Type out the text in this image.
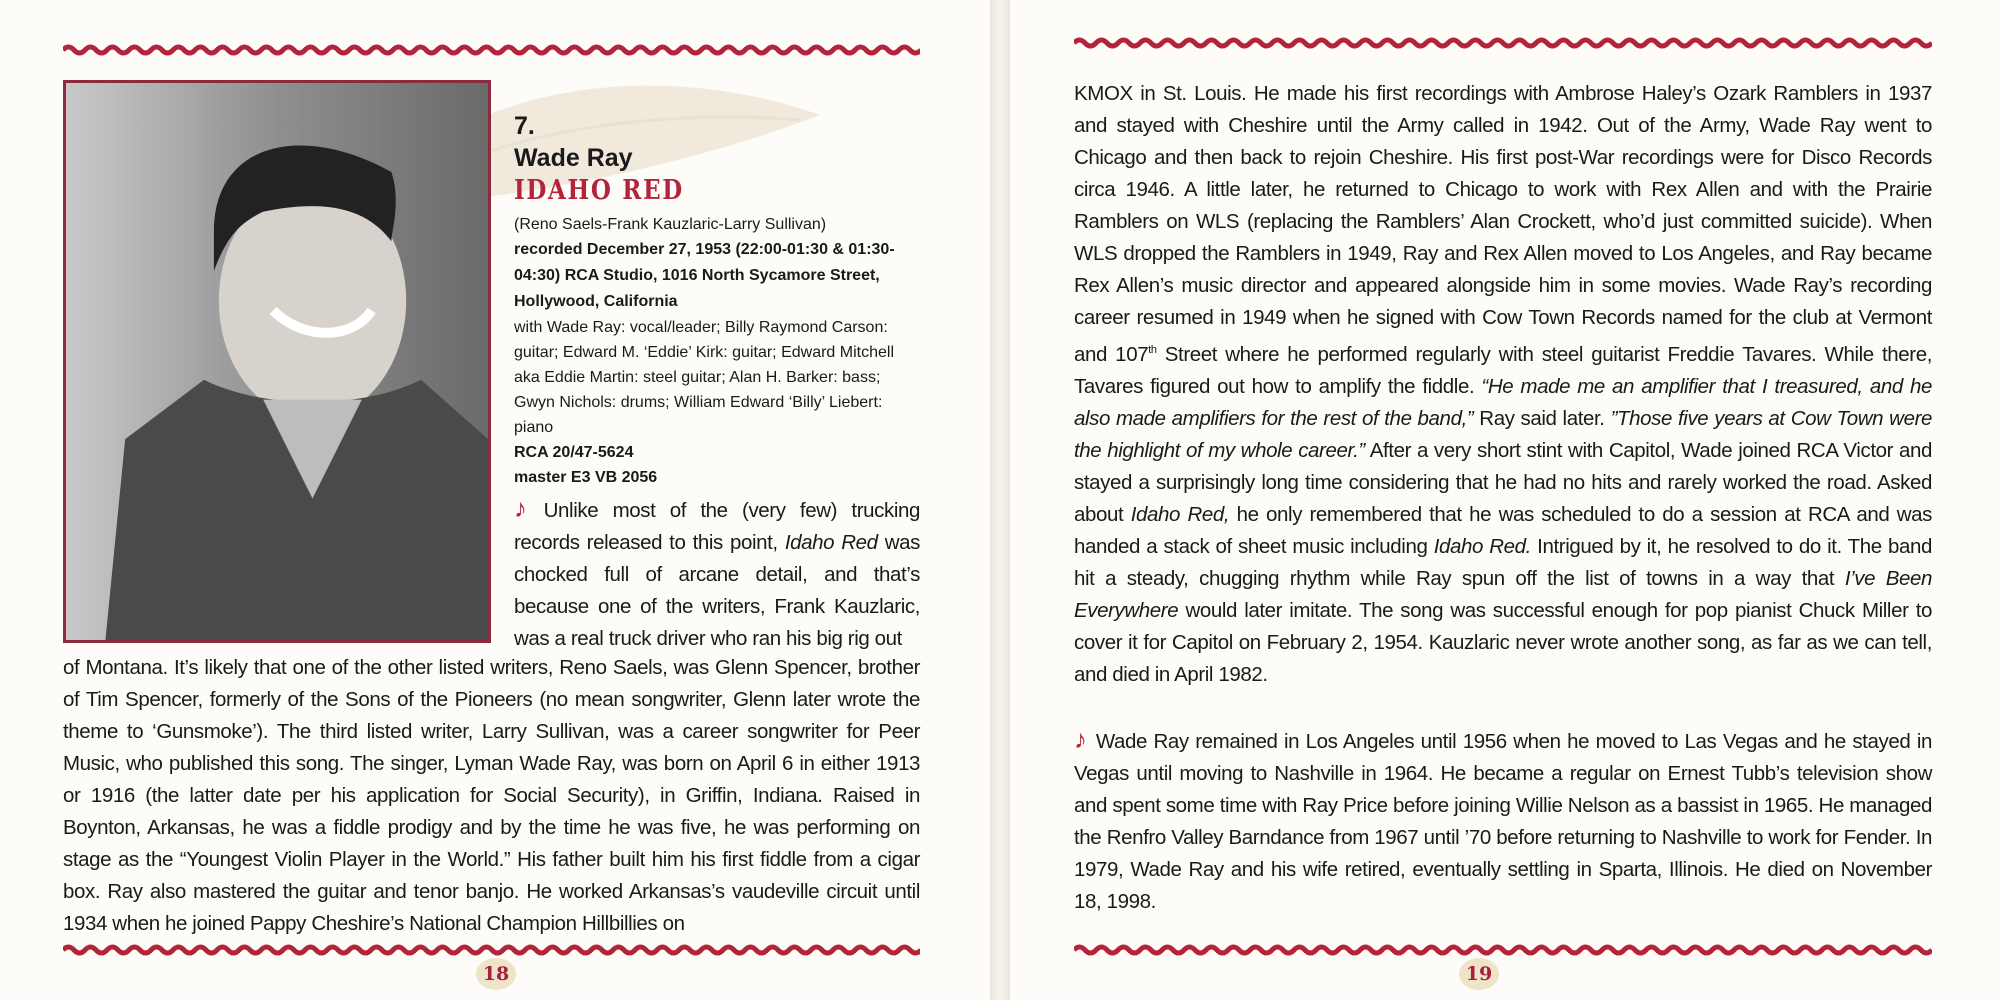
7.
Wade Ray
IDAHO RED
(Reno Saels-Frank Kauzlaric-Larry Sullivan)
recorded December 27, 1953 (22:00-01:30 & 01:30-04:30) RCA Studio, 1016 North Sycamore Street, Hollywood, California
with Wade Ray: vocal/leader; Billy Raymond Carson: guitar; Edward M. ‘Eddie’ Kirk: guitar; Edward Mitchell aka Eddie Martin: steel guitar; Alan H. Barker: bass; Gwyn Nichols: drums; William Edward ‘Billy’ Liebert: piano
RCA 20/47-5624
master E3 VB 2056
♪ Unlike most of the (very few) trucking records released to this point, Idaho Red was chocked full of arcane detail, and that’s because one of the writers, Frank Kauzlaric, was a real truck driver who ran his big rig out
of Montana. It’s likely that one of the other listed writers, Reno Saels, was Glenn Spencer, brother of Tim Spencer, formerly of the Sons of the Pioneers (no mean songwriter, Glenn later wrote the theme to ‘Gunsmoke’). The third listed writer, Larry Sullivan, was a career songwriter for Peer Music, who published this song. The singer, Lyman Wade Ray, was born on April 6 in either 1913 or 1916 (the latter date per his application for Social Security), in Griffin, Indiana. Raised in Boynton, Arkansas, he was a fiddle prodigy and by the time he was five, he was performing on stage as the “Youngest Violin Player in the World.” His father built him his first fiddle from a cigar box. Ray also mastered the guitar and tenor banjo. He worked Arkansas’s vaudeville circuit until 1934 when he joined Pappy Cheshire’s National Champion Hillbillies on
KMOX in St. Louis. He made his first recordings with Ambrose Haley’s Ozark Ramblers in 1937 and stayed with Cheshire until the Army called in 1942. Out of the Army, Wade Ray went to Chicago and then back to rejoin Cheshire. His first post-War recordings were for Disco Records circa 1946. A little later, he returned to Chicago to work with Rex Allen and with the Prairie Ramblers on WLS (replacing the Ramblers’ Alan Crockett, who’d just committed suicide). When WLS dropped the Ramblers in 1949, Ray and Rex Allen moved to Los Angeles, and Ray became Rex Allen’s music director and appeared alongside him in some movies. Wade Ray’s recording career resumed in 1949 when he signed with Cow Town Records named for the club at Vermont and 107th Street where he performed regularly with steel guitarist Freddie Tavares. While there, Tavares figured out how to amplify the fiddle. “He made me an amplifier that I treasured, and he also made amplifiers for the rest of the band,” Ray said later. ”Those five years at Cow Town were the highlight of my whole career.” After a very short stint with Capitol, Wade joined RCA Victor and stayed a surprisingly long time considering that he had no hits and rarely worked the road. Asked about Idaho Red, he only remembered that he was scheduled to do a session at RCA and was handed a stack of sheet music including Idaho Red. Intrigued by it, he resolved to do it. The band hit a steady, chugging rhythm while Ray spun off the list of towns in a way that I’ve Been Everywhere would later imitate. The song was successful enough for pop pianist Chuck Miller to cover it for Capitol on February 2, 1954. Kauzlaric never wrote another song, as far as we can tell, and died in April 1982.
♪ Wade Ray remained in Los Angeles until 1956 when he moved to Las Vegas and he stayed in Vegas until moving to Nashville in 1964. He became a regular on Ernest Tubb’s television show and spent some time with Ray Price before joining Willie Nelson as a bassist in 1965. He managed the Renfro Valley Barndance from 1967 until ’70 before returning to Nashville to work for Fender. In 1979, Wade Ray and his wife retired, eventually settling in Sparta, Illinois. He died on November 18, 1998.
18	19
